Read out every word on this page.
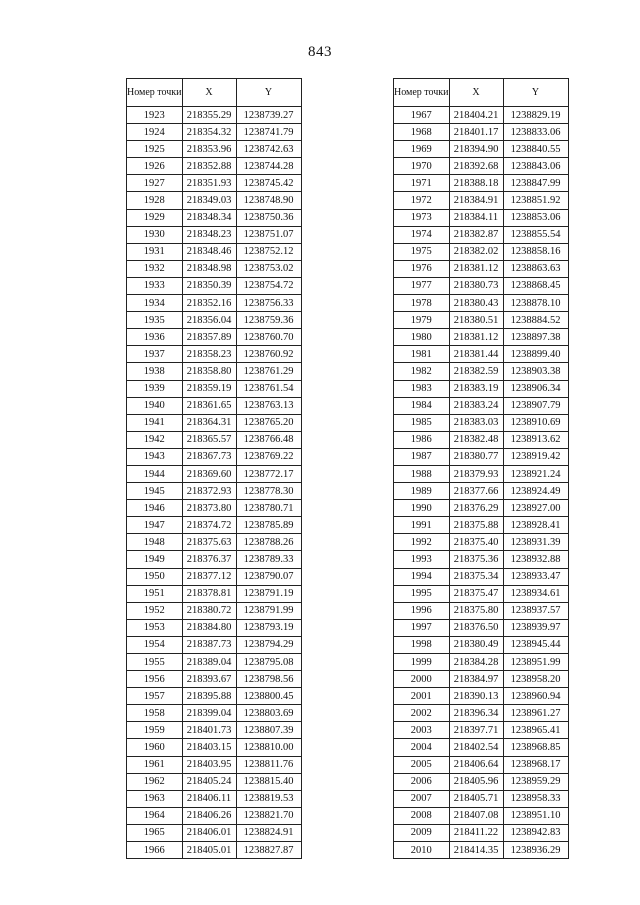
843
Номер точки	X	Y
1923	218355.29	1238739.27
1924	218354.32	1238741.79
1925	218353.96	1238742.63
1926	218352.88	1238744.28
1927	218351.93	1238745.42
1928	218349.03	1238748.90
1929	218348.34	1238750.36
1930	218348.23	1238751.07
1931	218348.46	1238752.12
1932	218348.98	1238753.02
1933	218350.39	1238754.72
1934	218352.16	1238756.33
1935	218356.04	1238759.36
1936	218357.89	1238760.70
1937	218358.23	1238760.92
1938	218358.80	1238761.29
1939	218359.19	1238761.54
1940	218361.65	1238763.13
1941	218364.31	1238765.20
1942	218365.57	1238766.48
1943	218367.73	1238769.22
1944	218369.60	1238772.17
1945	218372.93	1238778.30
1946	218373.80	1238780.71
1947	218374.72	1238785.89
1948	218375.63	1238788.26
1949	218376.37	1238789.33
1950	218377.12	1238790.07
1951	218378.81	1238791.19
1952	218380.72	1238791.99
1953	218384.80	1238793.19
1954	218387.73	1238794.29
1955	218389.04	1238795.08
1956	218393.67	1238798.56
1957	218395.88	1238800.45
1958	218399.04	1238803.69
1959	218401.73	1238807.39
1960	218403.15	1238810.00
1961	218403.95	1238811.76
1962	218405.24	1238815.40
1963	218406.11	1238819.53
1964	218406.26	1238821.70
1965	218406.01	1238824.91
1966	218405.01	1238827.87
Номер точки	X	Y
1967	218404.21	1238829.19
1968	218401.17	1238833.06
1969	218394.90	1238840.55
1970	218392.68	1238843.06
1971	218388.18	1238847.99
1972	218384.91	1238851.92
1973	218384.11	1238853.06
1974	218382.87	1238855.54
1975	218382.02	1238858.16
1976	218381.12	1238863.63
1977	218380.73	1238868.45
1978	218380.43	1238878.10
1979	218380.51	1238884.52
1980	218381.12	1238897.38
1981	218381.44	1238899.40
1982	218382.59	1238903.38
1983	218383.19	1238906.34
1984	218383.24	1238907.79
1985	218383.03	1238910.69
1986	218382.48	1238913.62
1987	218380.77	1238919.42
1988	218379.93	1238921.24
1989	218377.66	1238924.49
1990	218376.29	1238927.00
1991	218375.88	1238928.41
1992	218375.40	1238931.39
1993	218375.36	1238932.88
1994	218375.34	1238933.47
1995	218375.47	1238934.61
1996	218375.80	1238937.57
1997	218376.50	1238939.97
1998	218380.49	1238945.44
1999	218384.28	1238951.99
2000	218384.97	1238958.20
2001	218390.13	1238960.94
2002	218396.34	1238961.27
2003	218397.71	1238965.41
2004	218402.54	1238968.85
2005	218406.64	1238968.17
2006	218405.96	1238959.29
2007	218405.71	1238958.33
2008	218407.08	1238951.10
2009	218411.22	1238942.83
2010	218414.35	1238936.29
